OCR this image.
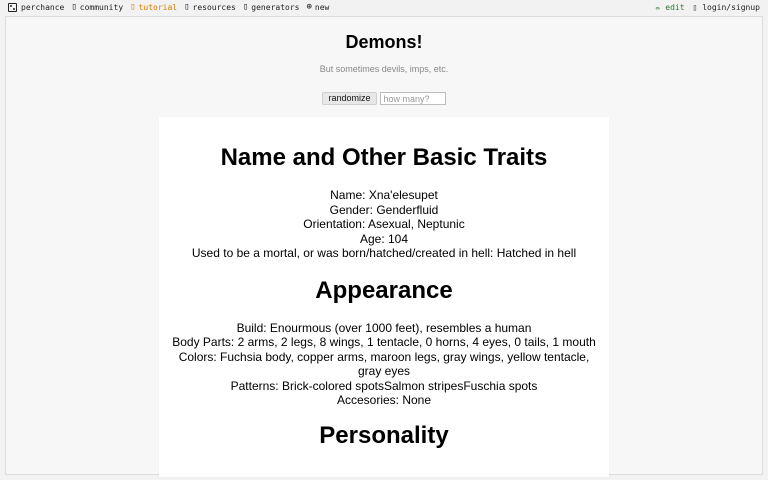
perchance ▯ community ▯ tutorial ▯ resources ▯ generators ⊕ new	✏ edit ▯ login/signup
Demons!
But sometimes devils, imps, etc.
randomize
how many?
Name and Other Basic Traits
Name: Xna'elesupet
Gender: Genderfluid
Orientation: Asexual, Neptunic
Age: 104
Used to be a mortal, or was born/hatched/created in hell: Hatched in hell
Appearance
Build: Enourmous (over 1000 feet), resembles a human
Body Parts: 2 arms, 2 legs, 8 wings, 1 tentacle, 0 horns, 4 eyes, 0 tails, 1 mouth
Colors: Fuchsia body, copper arms, maroon legs, gray wings, yellow tentacle, gray eyes
Patterns: Brick-colored spotsSalmon stripesFuschia spots
Accesories: None
Personality
